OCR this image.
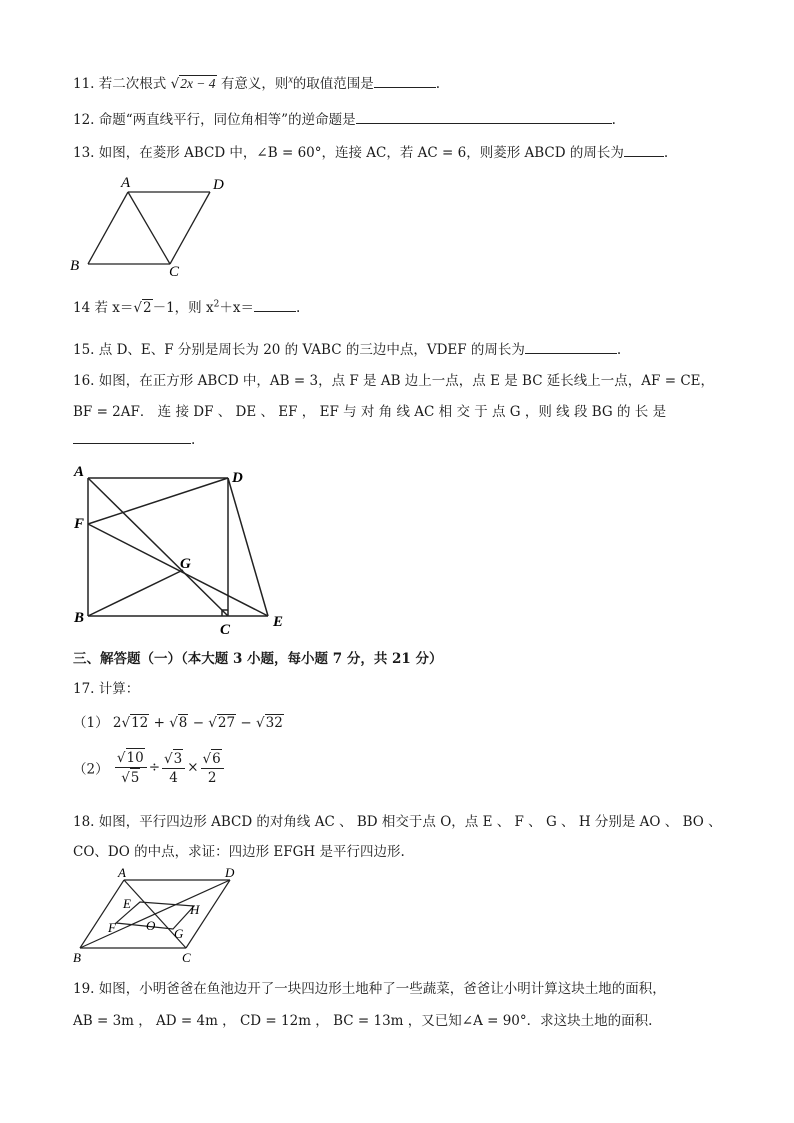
11. 若二次根式 √2x − 4 有意义，则$^x$的取值范围是	.
12. 命题“两直线平行，同位角相等”的逆命题是	.
13. 如图，在菱形 ABCD 中，∠B = 60°，连接 AC，若 AC = 6，则菱形 ABCD 的周长为	.
A	D
B	C
14 若 x＝√2－1，则 $x^2+x=$	.
15. 点 D、E、F 分别是周长为 20 的 VABC 的三边中点，VDEF 的周长为	.
16. 如图，在正方形 ABCD 中，AB = 3，点 F 是 AB 边上一点，点 E 是 BC 延长线上一点，AF = CE，
BF = 2AF． 连 接 DF 、 DE 、 EF ， EF 与 对 角 线 AC 相 交 于 点 G ，则 线 段 BG 的 长 是
.
A	D
F
G
B
C	E
三、解答题（一）（本大题 3 小题，每小题 7 分，共 21 分）
17. 计算：
（1） 2√12 + √8 − √27 − √32
$(2) \frac{√10}{√5} \div \frac{√3}{4} \times \frac{√6}{2}$
18. 如图，平行四边形 ABCD 的对角线 AC 、 BD 相交于点 O，点 E 、 F 、 G 、 H 分别是 AO 、 BO 、
CO、DO 的中点，求证：四边形 EFGH 是平行四边形.
A	D
E	H
F O
G
B	C
19. 如图，小明爸爸在鱼池边开了一块四边形土地种了一些蔬菜，爸爸让小明计算这块土地的面积，
AB = 3m ， AD = 4m ， CD = 12m ， BC = 13m ，又已知∠A = 90°．求这块土地的面积.
